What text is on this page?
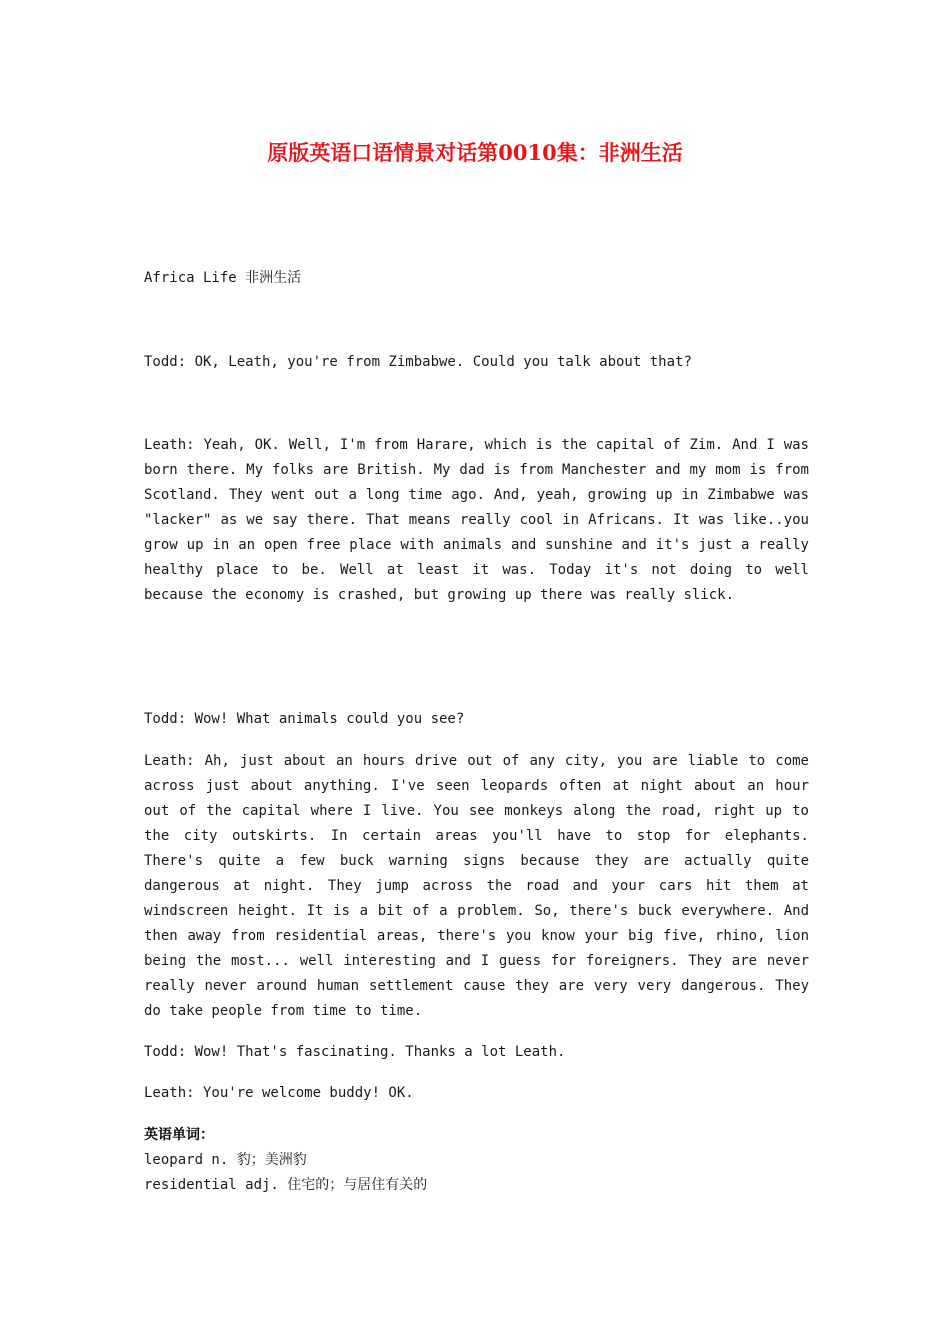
原版英语口语情景对话第0010集：非洲生活

Africa Life 非洲生活

Todd: OK, Leath, you're from Zimbabwe. Could you talk about that?

Leath: Yeah, OK. Well, I'm from Harare, which is the capital of Zim. And I was born there. My folks are British. My dad is from Manchester and my mom is from Scotland. They went out a long time ago. And, yeah, growing up in Zimbabwe was "lacker" as we say there. That means really cool in Africans. It was like..you grow up in an open free place with animals and sunshine and it's just a really healthy place to be. Well at least it was. Today it's not doing to well because the economy is crashed, but growing up there was really slick.

Todd: Wow! What animals could you see?

Leath: Ah, just about an hours drive out of any city, you are liable to come across just about anything. I've seen leopards often at night about an hour out of the capital where I live. You see monkeys along the road, right up to the city outskirts. In certain areas you'll have to stop for elephants. There's quite a few buck warning signs because they are actually quite dangerous at night. They jump across the road and your cars hit them at windscreen height. It is a bit of a problem. So, there's buck everywhere. And then away from residential areas, there's you know your big five, rhino, lion being the most... well interesting and I guess for foreigners. They are never really never around human settlement cause they are very very dangerous. They do take people from time to time.

Todd: Wow! That's fascinating. Thanks a lot Leath.

Leath: You're welcome buddy! OK.

英语单词：

leopard n. 豹；美洲豹
residential adj. 住宅的；与居住有关的
